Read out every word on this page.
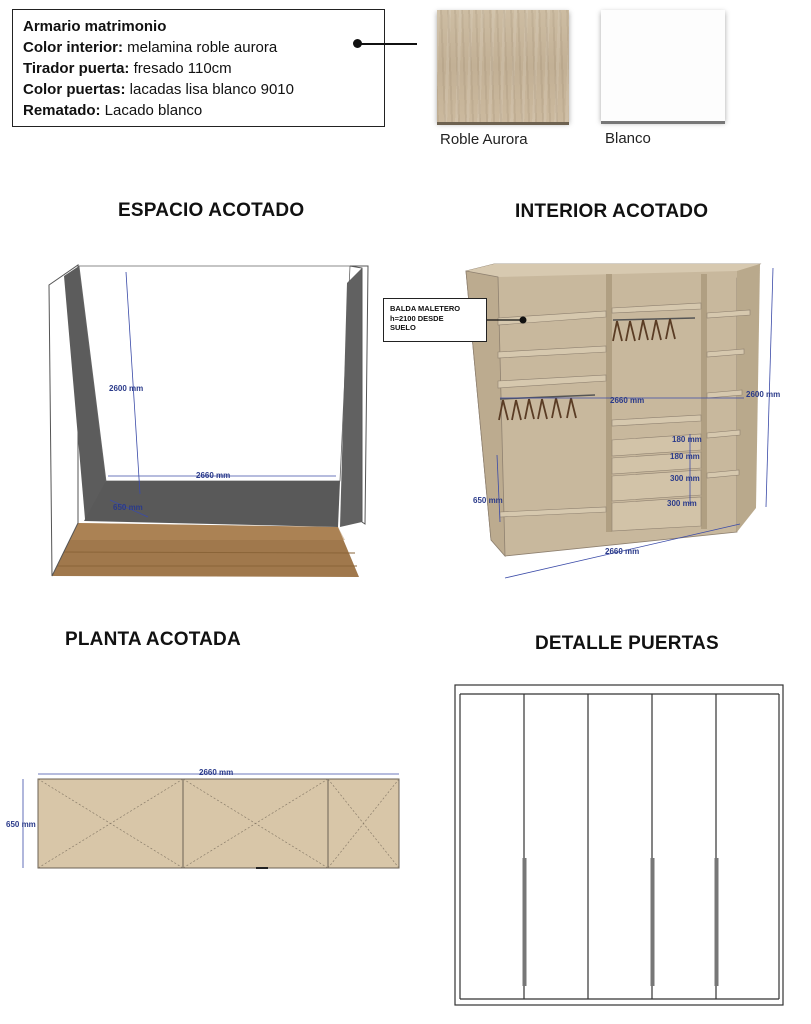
Armario matrimonio
Color interior: melamina roble aurora
Tirador puerta: fresado 110cm
Color puertas: lacadas lisa blanco 9010
Rematado: Lacado blanco
Roble Aurora	Blanco
ESPACIO ACOTADO	INTERIOR ACOTADO
PLANTA ACOTADA	DETALLE PUERTAS
2600 mm
2660 mm
650 mm
2660 mm
2600 mm
2660 mm
650 mm
180 mm
180 mm
300 mm
300 mm
BALDA MALETERO
h=2100 DESDE
SUELO
2660 mm
650 mm
